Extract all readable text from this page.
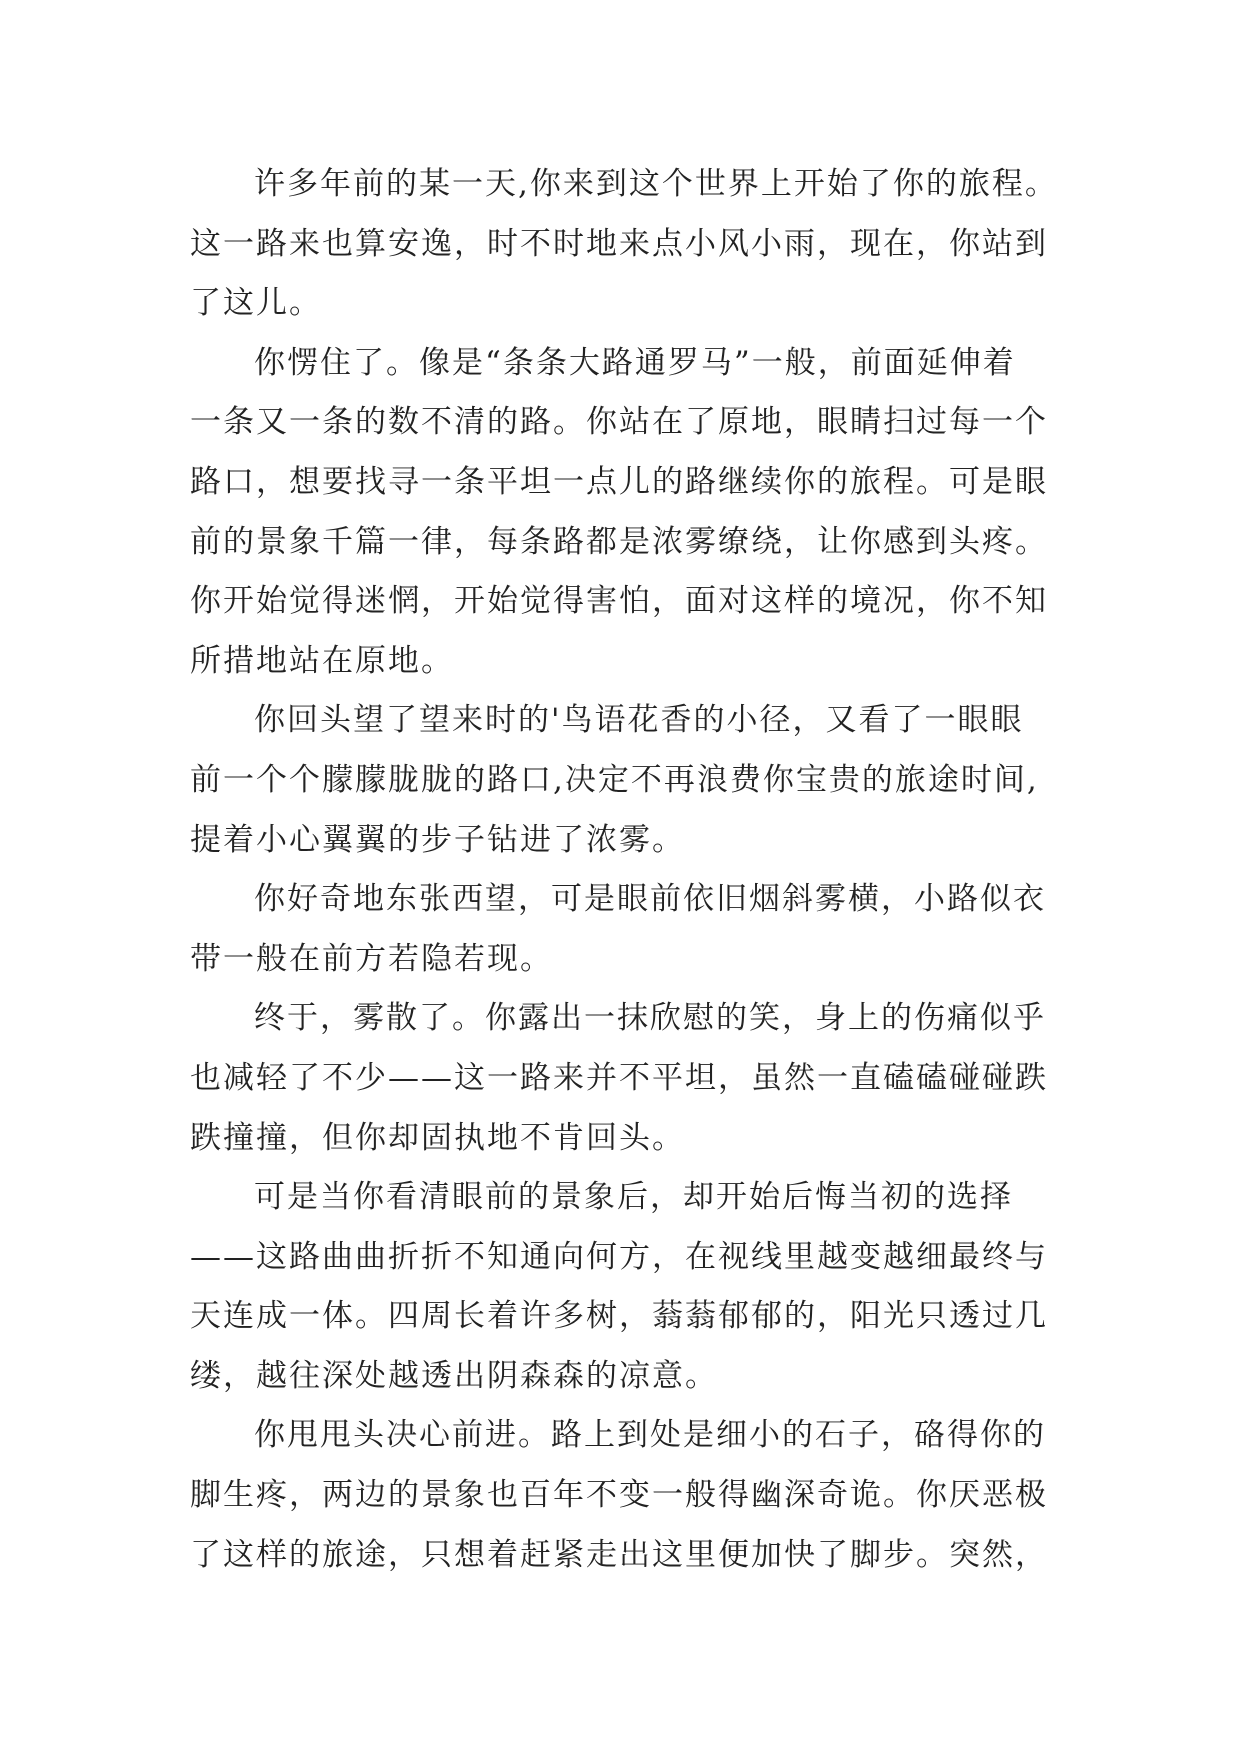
许多年前的某一天,你来到这个世界上开始了你的旅程。
这一路来也算安逸，时不时地来点小风小雨，现在，你站到
了这儿。
你愣住了。像是“条条大路通罗马”一般，前面延伸着
一条又一条的数不清的路。你站在了原地，眼睛扫过每一个
路口，想要找寻一条平坦一点儿的路继续你的旅程。可是眼
前的景象千篇一律，每条路都是浓雾缭绕，让你感到头疼。
你开始觉得迷惘，开始觉得害怕，面对这样的境况，你不知
所措地站在原地。
你回头望了望来时的'鸟语花香的小径，又看了一眼眼
前一个个朦朦胧胧的路口,决定不再浪费你宝贵的旅途时间,
提着小心翼翼的步子钻进了浓雾。
你好奇地东张西望，可是眼前依旧烟斜雾横，小路似衣
带一般在前方若隐若现。
终于，雾散了。你露出一抹欣慰的笑，身上的伤痛似乎
也减轻了不少——这一路来并不平坦，虽然一直磕磕碰碰跌
跌撞撞，但你却固执地不肯回头。
可是当你看清眼前的景象后，却开始后悔当初的选择
——这路曲曲折折不知通向何方，在视线里越变越细最终与
天连成一体。四周长着许多树，蓊蓊郁郁的，阳光只透过几
缕，越往深处越透出阴森森的凉意。
你甩甩头决心前进。路上到处是细小的石子，硌得你的
脚生疼，两边的景象也百年不变一般得幽深奇诡。你厌恶极
了这样的旅途，只想着赶紧走出这里便加快了脚步。突然，
